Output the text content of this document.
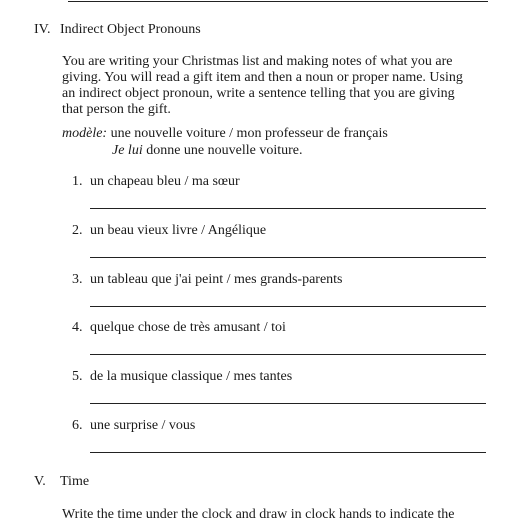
IV. Indirect Object Pronouns
You are writing your Christmas list and making notes of what you are
giving. You will read a gift item and then a noun or proper name. Using
an indirect object pronoun, write a sentence telling that you are giving
that person the gift.
modèle: une nouvelle voiture / mon professeur de français
Je lui donne une nouvelle voiture.
1. un chapeau bleu / ma sœur
2. un beau vieux livre / Angélique
3. un tableau que j'ai peint / mes grands-parents
4. quelque chose de très amusant / toi
5. de la musique classique / mes tantes
6. une surprise / vous
V. Time
Write the time under the clock and draw in clock hands to indicate the
